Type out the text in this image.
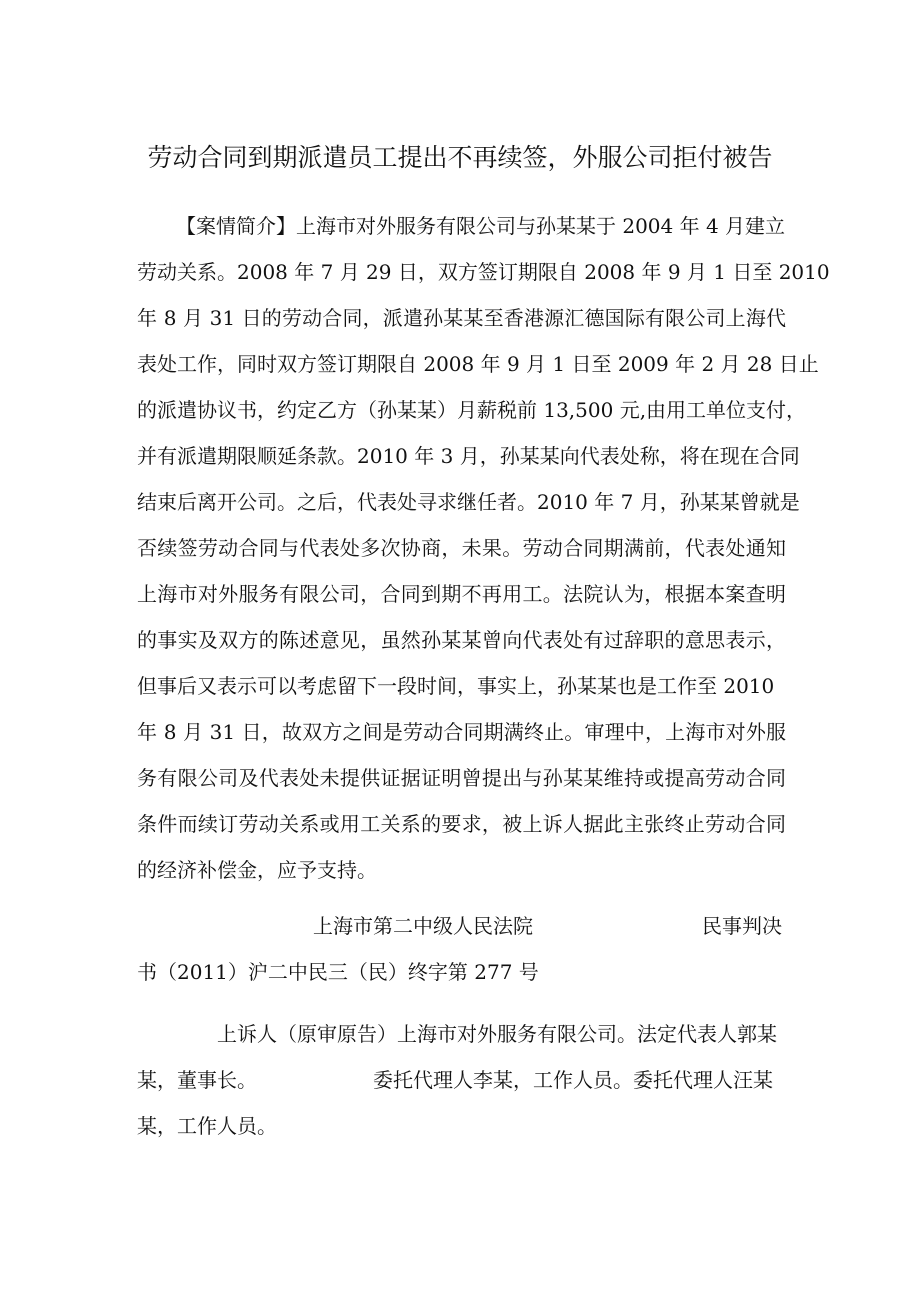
劳动合同到期派遣员工提出不再续签，外服公司拒付被告
【案情简介】上海市对外服务有限公司与孙某某于 2004 年 4 月建立
劳动关系。2008 年 7 月 29 日，双方签订期限自 2008 年 9 月 1 日至 2010
年 8 月 31 日的劳动合同，派遣孙某某至香港源汇德国际有限公司上海代
表处工作，同时双方签订期限自 2008 年 9 月 1 日至 2009 年 2 月 28 日止
的派遣协议书，约定乙方（孙某某）月薪税前 13,500 元,由用工单位支付，
并有派遣期限顺延条款。2010 年 3 月，孙某某向代表处称，将在现在合同
结束后离开公司。之后，代表处寻求继任者。2010 年 7 月，孙某某曾就是
否续签劳动合同与代表处多次协商，未果。劳动合同期满前，代表处通知
上海市对外服务有限公司，合同到期不再用工。法院认为，根据本案查明
的事实及双方的陈述意见，虽然孙某某曾向代表处有过辞职的意思表示，
但事后又表示可以考虑留下一段时间，事实上，孙某某也是工作至 2010
年 8 月 31 日，故双方之间是劳动合同期满终止。审理中，上海市对外服
务有限公司及代表处未提供证据证明曾提出与孙某某维持或提高劳动合同
条件而续订劳动关系或用工关系的要求，被上诉人据此主张终止劳动合同
的经济补偿金，应予支持。
上海市第二中级人民法院	民事判决
书（2011）沪二中民三（民）终字第 277 号
上诉人（原审原告）上海市对外服务有限公司。法定代表人郭某
某，董事长。	委托代理人李某，工作人员。委托代理人汪某
某，工作人员。
